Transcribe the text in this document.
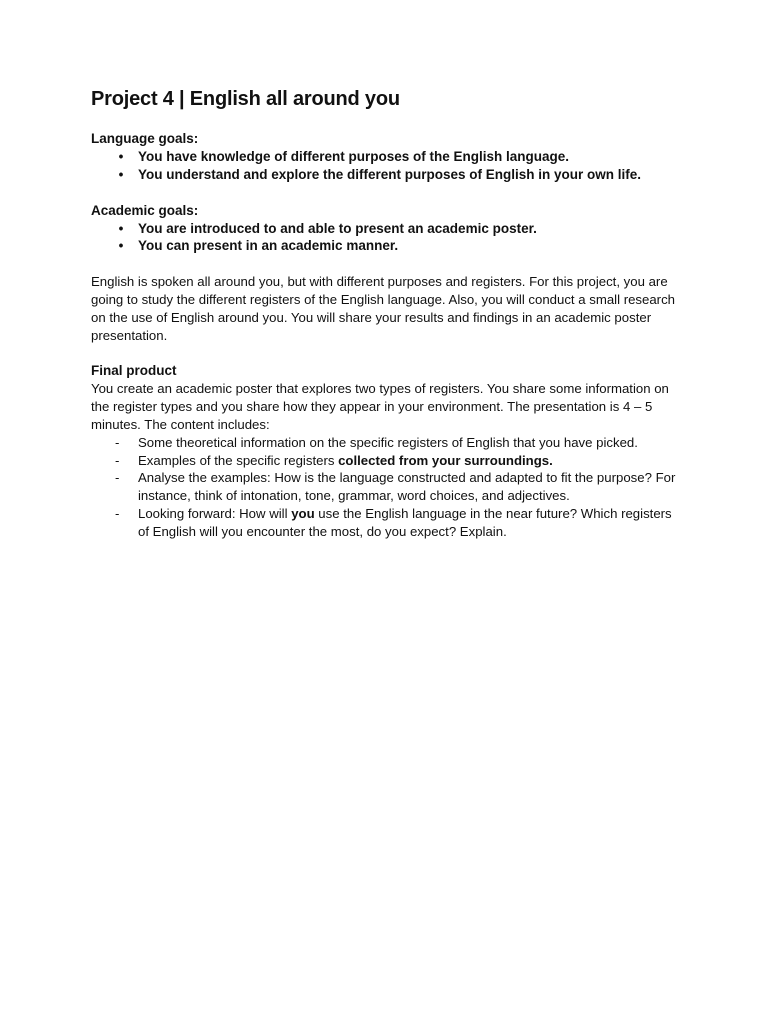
Project 4 | English all around you

Language goals:

• You have knowledge of different purposes of the English language.
• You understand and explore the different purposes of English in your own life.

Academic goals:

• You are introduced to and able to present an academic poster.
• You can present in an academic manner.

English is spoken all around you, but with different purposes and registers. For this project, you are going to study the different registers of the English language. Also, you will conduct a small research on the use of English around you. You will share your results and findings in an academic poster presentation.

Final product

You create an academic poster that explores two types of registers. You share some information on the register types and you share how they appear in your environment. The presentation is 4 – 5 minutes. The content includes:

-	Some theoretical information on the specific registers of English that you have picked.
-	Examples of the specific registers collected from your surroundings.
-	Analyse the examples: How is the language constructed and adapted to fit the purpose? For instance, think of intonation, tone, grammar, word choices, and adjectives.
-	Looking forward: How will you use the English language in the near future? Which registers of English will you encounter the most, do you expect? Explain.
